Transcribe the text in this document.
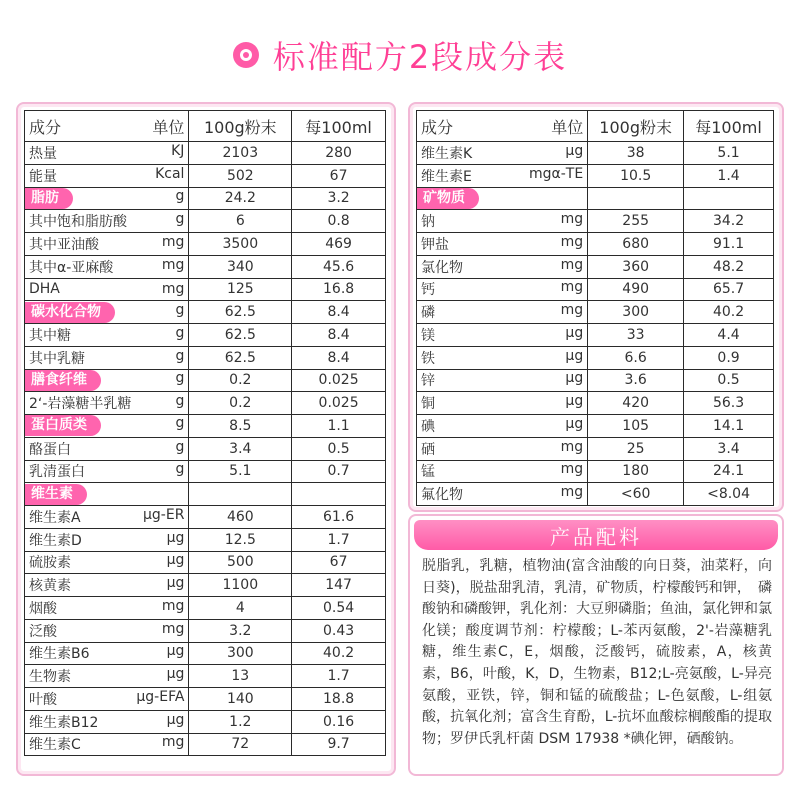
标准配方2段成分表
成分 单位	100g粉末	每100ml

热量 KJ	2103	280

能量 Kcal	502	67

脂肪 g	24.2	3.2

其中饱和脂肪酸 g	6	0.8

其中亚油酸 mg	3500	469

其中α-亚麻酸 mg	340	45.6

DHA mg	125	16.8

碳水化合物 g	62.5	8.4

其中糖 g	62.5	8.4

其中乳糖 g	62.5	8.4

膳食纤维 g	0.2	0.025

2‘-岩藻糖半乳糖 g	0.2	0.025

蛋白质类 g	8.5	1.1

酪蛋白 g	3.4	0.5

乳清蛋白 g	5.1	0.7

维生素		

维生素A μg-ER	460	61.6

维生素D μg	12.5	1.7

硫胺素 μg	500	67

核黄素 μg	1100	147

烟酸 mg	4	0.54

泛酸 mg	3.2	0.43

维生素B6 μg	300	40.2

生物素 μg	13	1.7

叶酸 μg-EFA	140	18.8

维生素B12 μg	1.2	0.16

维生素C mg	72	9.7
成分 单位	100g粉末	每100ml

维生素K μg	38	5.1

维生素E mgα-TE	10.5	1.4

矿物质		

钠 mg	255	34.2

钾盐 mg	680	91.1

氯化物 mg	360	48.2

钙 mg	490	65.7

磷 mg	300	40.2

镁 μg	33	4.4

铁 μg	6.6	0.9

锌 μg	3.6	0.5

铜 μg	420	56.3

碘 μg	105	14.1

硒 mg	25	3.4

锰 mg	180	24.1

氟化物 mg	<60	<8.04
产品配料
脱脂乳，乳糖，植物油(富含油酸的向日葵，油菜籽，向日葵)，脱盐甜乳清，乳清，矿物质，柠檬酸钙和钾，　磷酸钠和磷酸钾，乳化剂：大豆卵磷脂；鱼油，氯化钾和氯化镁；酸度调节剂：柠檬酸；L-苯丙氨酸，2'-岩藻糖乳糖，维生素C，E，烟酸，泛酸钙，硫胺素，A，核黄素，B6，叶酸，K，D，生物素，B12;L-亮氨酸，L-异亮氨酸，亚铁，锌，铜和锰的硫酸盐；L-色氨酸，L-组氨酸，抗氧化剂；富含生育酚，L-抗坏血酸棕榈酸酯的提取物；罗伊氏乳杆菌 DSM 17938 *碘化钾，硒酸钠。
